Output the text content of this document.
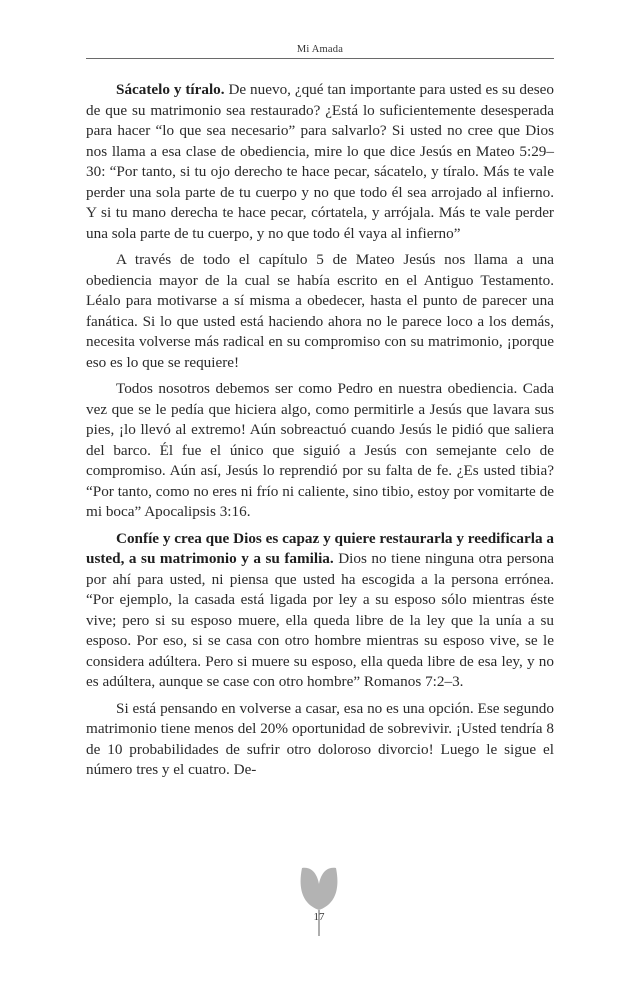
Mi Amada

Sácatelo y tíralo. De nuevo, ¿qué tan importante para usted es su deseo de que su matrimonio sea restaurado? ¿Está lo suficientemente desesperada para hacer “lo que sea necesario” para salvarlo? Si usted no cree que Dios nos llama a esa clase de obediencia, mire lo que dice Jesús en Mateo 5:29–30: “Por tanto, si tu ojo derecho te hace pecar, sácatelo, y tíralo. Más te vale perder una sola parte de tu cuerpo y no que todo él sea arrojado al infierno. Y si tu mano derecha te hace pecar, córtatela, y arrójala. Más te vale perder una sola parte de tu cuerpo, y no que todo él vaya al infierno”

A través de todo el capítulo 5 de Mateo Jesús nos llama a una obediencia mayor de la cual se había escrito en el Antiguo Testamento. Léalo para motivarse a sí misma a obedecer, hasta el punto de parecer una fanática. Si lo que usted está haciendo ahora no le parece loco a los demás, necesita volverse más radical en su compromiso con su matrimonio, ¡porque eso es lo que se requiere!

Todos nosotros debemos ser como Pedro en nuestra obediencia. Cada vez que se le pedía que hiciera algo, como permitirle a Jesús que lavara sus pies, ¡lo llevó al extremo! Aún sobreactuó cuando Jesús le pidió que saliera del barco. Él fue el único que siguió a Jesús con semejante celo de compromiso. Aún así, Jesús lo reprendió por su falta de fe. ¿Es usted tibia? “Por tanto, como no eres ni frío ni caliente, sino tibio, estoy por vomitarte de mi boca” Apocalipsis 3:16.

Confíe y crea que Dios es capaz y quiere restaurarla y reedificarla a usted, a su matrimonio y a su familia. Dios no tiene ninguna otra persona por ahí para usted, ni piensa que usted ha escogida a la persona errónea. “Por ejemplo, la casada está ligada por ley a su esposo sólo mientras éste vive; pero si su esposo muere, ella queda libre de la ley que la unía a su esposo. Por eso, si se casa con otro hombre mientras su esposo vive, se le considera adúltera. Pero si muere su esposo, ella queda libre de esa ley, y no es adúltera, aunque se case con otro hombre” Romanos 7:2–3.

Si está pensando en volverse a casar, esa no es una opción. Ese segundo matrimonio tiene menos del 20% oportunidad de sobrevivir. ¡Usted tendría 8 de 10 probabilidades de sufrir otro doloroso divorcio! Luego le sigue el número tres y el cuatro. De-

17
